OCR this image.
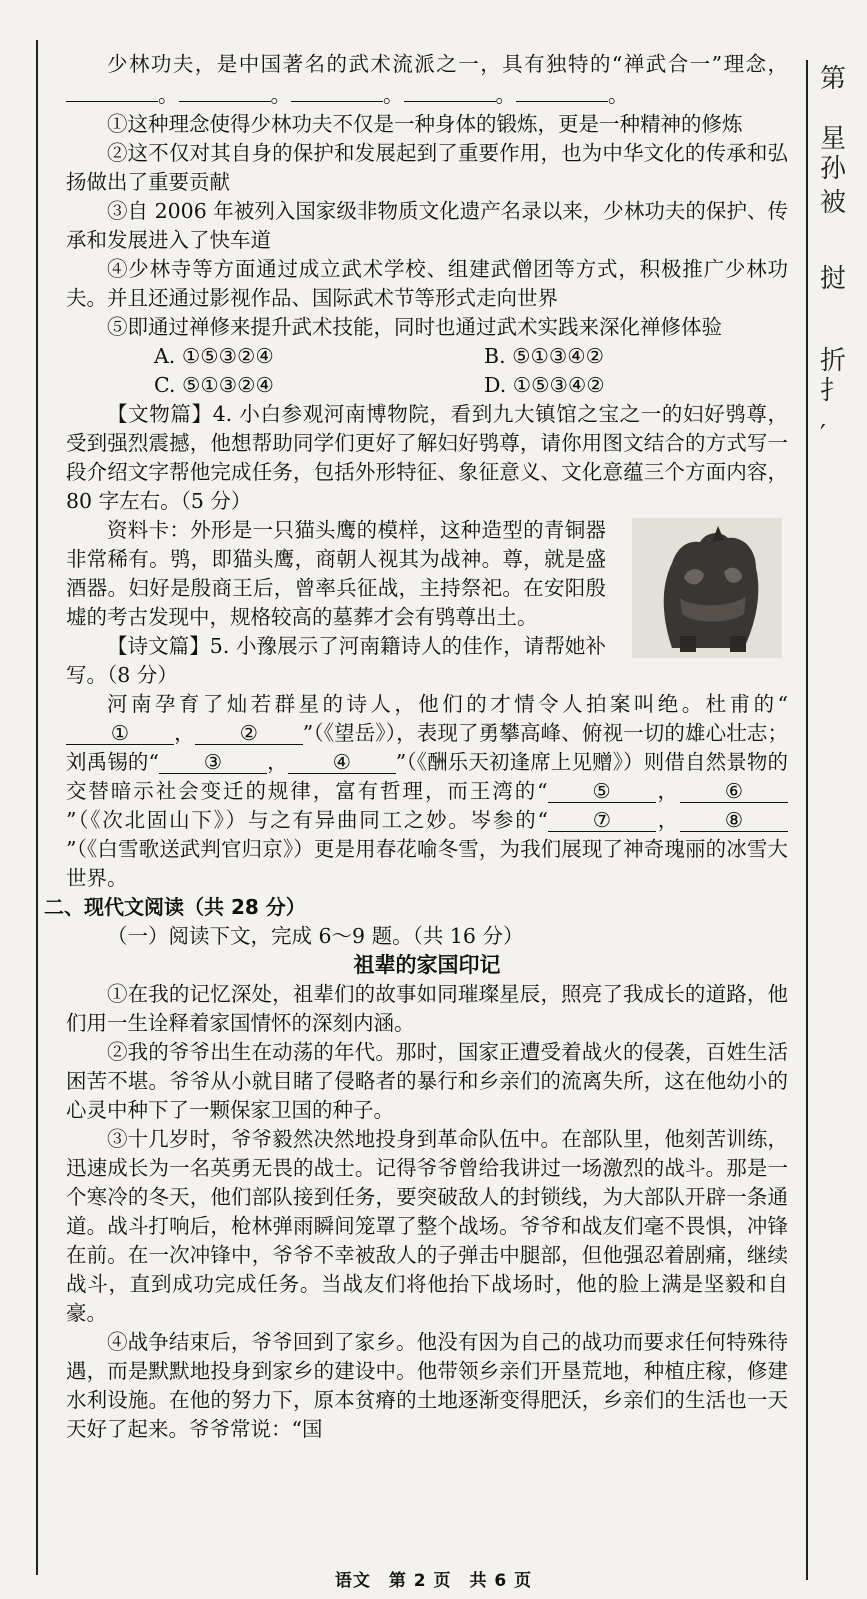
第
星
孙
被
挝
折
扌
′

少林功夫，是中国著名的武术流派之一，具有独特的“禅武合一”理念，。	。	。	。	。

①这种理念使得少林功夫不仅是一种身体的锻炼，更是一种精神的修炼

②这不仅对其自身的保护和发展起到了重要作用，也为中华文化的传承和弘扬做出了重要贡献

③自 2006 年被列入国家级非物质文化遗产名录以来，少林功夫的保护、传承和发展进入了快车道

④少林寺等方面通过成立武术学校、组建武僧团等方式，积极推广少林功夫。并且还通过影视作品、国际武术节等形式走向世界

⑤即通过禅修来提升武术技能，同时也通过武术实践来深化禅修体验

A. ①⑤③②④	B. ⑤①③④②
C. ⑤①③②④	D. ①⑤③④②

【文物篇】4. 小白参观河南博物院，看到九大镇馆之宝之一的妇好鸮尊，受到强烈震撼，他想帮助同学们更好了解妇好鸮尊，请你用图文结合的方式写一段介绍文字帮他完成任务，包括外形特征、象征意义、文化意蕴三个方面内容，80 字左右。（5 分）

资料卡：外形是一只猫头鹰的模样，这种造型的青铜器非常稀有。鸮，即猫头鹰，商朝人视其为战神。尊，就是盛酒器。妇好是殷商王后，曾率兵征战，主持祭祀。在安阳殷墟的考古发现中，规格较高的墓葬才会有鸮尊出土。

【诗文篇】5. 小豫展示了河南籍诗人的佳作，请帮她补写。（8 分）

河南孕育了灿若群星的诗人，他们的才情令人拍案叫绝。杜甫的“① ， ② ”（《望岳》），表现了勇攀高峰、俯视一切的雄心壮志；刘禹锡的“ ③ ， ④ ”（《酬乐天初逢席上见赠》）则借自然景物的交替暗示社会变迁的规律，富有哲理，而王湾的“ ⑤ ， ⑥”（《次北固山下》）与之有异曲同工之妙。岑参的“ ⑦ ， ⑧”（《白雪歌送武判官归京》）更是用春花喻冬雪，为我们展现了神奇瑰丽的冰雪大世界。

二、现代文阅读（共 28 分）

（一）阅读下文，完成 6～9 题。（共 16 分）

祖辈的家国印记

①在我的记忆深处，祖辈们的故事如同璀璨星辰，照亮了我成长的道路，他们用一生诠释着家国情怀的深刻内涵。

②我的爷爷出生在动荡的年代。那时，国家正遭受着战火的侵袭，百姓生活困苦不堪。爷爷从小就目睹了侵略者的暴行和乡亲们的流离失所，这在他幼小的心灵中种下了一颗保家卫国的种子。

③十几岁时，爷爷毅然决然地投身到革命队伍中。在部队里，他刻苦训练，迅速成长为一名英勇无畏的战士。记得爷爷曾给我讲过一场激烈的战斗。那是一个寒冷的冬天，他们部队接到任务，要突破敌人的封锁线，为大部队开辟一条通道。战斗打响后，枪林弹雨瞬间笼罩了整个战场。爷爷和战友们毫不畏惧，冲锋在前。在一次冲锋中，爷爷不幸被敌人的子弹击中腿部，但他强忍着剧痛，继续战斗，直到成功完成任务。当战友们将他抬下战场时，他的脸上满是坚毅和自豪。

④战争结束后，爷爷回到了家乡。他没有因为自己的战功而要求任何特殊待遇，而是默默地投身到家乡的建设中。他带领乡亲们开垦荒地，种植庄稼，修建水利设施。在他的努力下，原本贫瘠的土地逐渐变得肥沃，乡亲们的生活也一天天好了起来。爷爷常说：“国

语文　第 2 页　共 6 页
